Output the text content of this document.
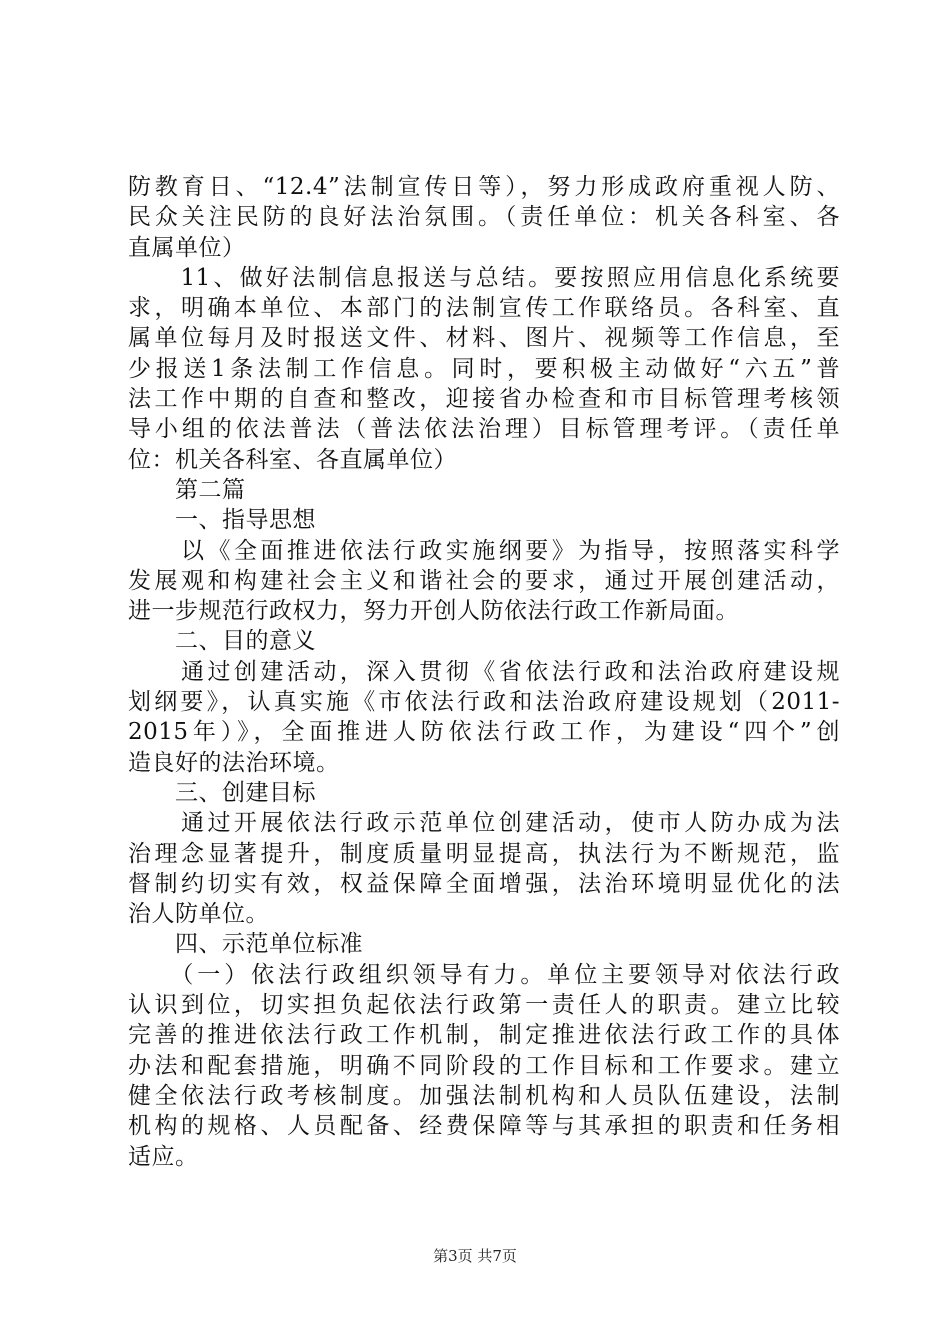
防教育日、“12.4”法制宣传日等），努力形成政府重视人防、
民众关注民防的良好法治氛围。（责任单位：机关各科室、各
直属单位）
　　11、做好法制信息报送与总结。要按照应用信息化系统要
求，明确本单位、本部门的法制宣传工作联络员。各科室、直
属单位每月及时报送文件、材料、图片、视频等工作信息，至
少报送1条法制工作信息。同时，要积极主动做好“六五”普
法工作中期的自查和整改，迎接省办检查和市目标管理考核领
导小组的依法普法（普法依法治理）目标管理考评。（责任单
位：机关各科室、各直属单位）
　　第二篇
　　一、指导思想
　　以《全面推进依法行政实施纲要》为指导，按照落实科学
发展观和构建社会主义和谐社会的要求，通过开展创建活动，
进一步规范行政权力，努力开创人防依法行政工作新局面。
　　二、目的意义
　　通过创建活动，深入贯彻《省依法行政和法治政府建设规
划纲要》，认真实施《市依法行政和法治政府建设规划（2011-
2015年）》，全面推进人防依法行政工作，为建设“四个”创
造良好的法治环境。
　　三、创建目标
　　通过开展依法行政示范单位创建活动，使市人防办成为法
治理念显著提升，制度质量明显提高，执法行为不断规范，监
督制约切实有效，权益保障全面增强，法治环境明显优化的法
治人防单位。
　　四、示范单位标准
　　（一）依法行政组织领导有力。单位主要领导对依法行政
认识到位，切实担负起依法行政第一责任人的职责。建立比较
完善的推进依法行政工作机制，制定推进依法行政工作的具体
办法和配套措施，明确不同阶段的工作目标和工作要求。建立
健全依法行政考核制度。加强法制机构和人员队伍建设，法制
机构的规格、人员配备、经费保障等与其承担的职责和任务相
适应。
第3页 共7页
